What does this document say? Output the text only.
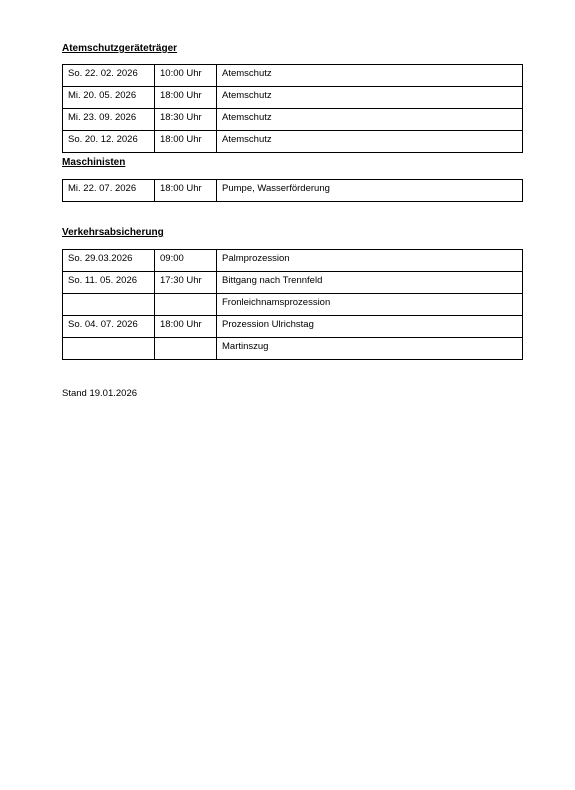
Atemschutzgeräteträger
So. 22. 02. 2026	10:00 Uhr	Atemschutz
Mi. 20. 05. 2026	18:00 Uhr	Atemschutz
Mi. 23. 09. 2026	18:30 Uhr	Atemschutz
So. 20. 12. 2026	18:00 Uhr	Atemschutz
Maschinisten
Mi. 22. 07. 2026	18:00 Uhr	Pumpe, Wasserförderung
Verkehrsabsicherung
So. 29.03.2026	09:00	Palmprozession
So. 11. 05. 2026	17:30 Uhr	Bittgang nach Trennfeld
		Fronleichnamsprozession
So. 04. 07. 2026	18:00 Uhr	Prozession Ulrichstag
		Martinszug
Stand 19.01.2026
